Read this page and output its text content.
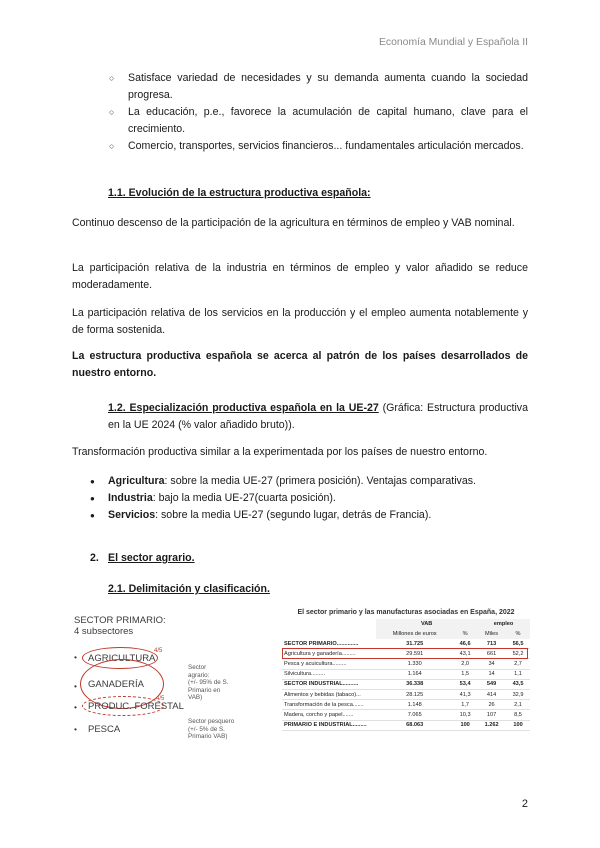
Economía Mundial y Española II
○ Satisface variedad de necesidades y su demanda aumenta cuando la sociedad progresa.
○ La educación, p.e., favorece la acumulación de capital humano, clave para el crecimiento.
○ Comercio, transportes, servicios financieros... fundamentales articulación mercados.
1.1. Evolución de la estructura productiva española:
Continuo descenso de la participación de la agricultura en términos de empleo y VAB nominal.
La participación relativa de la industria en términos de empleo y valor añadido se reduce moderadamente.
La participación relativa de los servicios en la producción y el empleo aumenta notablemente y de forma sostenida.
La estructura productiva española se acerca al patrón de los países desarrollados de nuestro entorno.
1.2. Especialización productiva española en la UE-27 (Gráfica: Estructura productiva en la UE 2024 (% valor añadido bruto)).
Transformación productiva similar a la experimentada por los países de nuestro entorno.
● Agricultura: sobre la media UE-27 (primera posición). Ventajas comparativas.
● Industria: bajo la media UE-27(cuarta posición).
● Servicios: sobre la media UE-27 (segundo lugar, detrás de Francia).
2. El sector agrario.
2.1. Delimitación y clasificación.
SECTOR PRIMARIO:
4 subsectores
• AGRICULTURA
4/5
• GANADERÍA
• PRODUC. FORESTAL
4/5
• PESCA
Sector
agrario:
(+/- 95% de S.
Primario en
VAB)
Sector pesquero
(+/- 5% de S.
Primario VAB)
El sector primario y las manufacturas asociadas en España, 2022
	VAB		empleo	
	Millones de euros	%	Miles	%
SECTOR PRIMARIO..............	31.725	46,6	713	56,5
Agricultura y ganadería.........	29.591	43,1	661	52,2
Pesca y acuicultura.........	1.330	2,0	34	2,7
Silvicultura.........	1.164	1,5	14	1,1
SECTOR INDUSTRIAL..........	36.338	53,4	549	43,5
Alimentos y bebidas (tabaco)...	28.125	41,3	414	32,9
Transformación de la pesca.......	1.148	1,7	26	2,1
Madera, corcho y papel.......	7.065	10,3	107	8,5
PRIMARIO E INDUSTRIAL.........	68.063	100	1.262	100
2
